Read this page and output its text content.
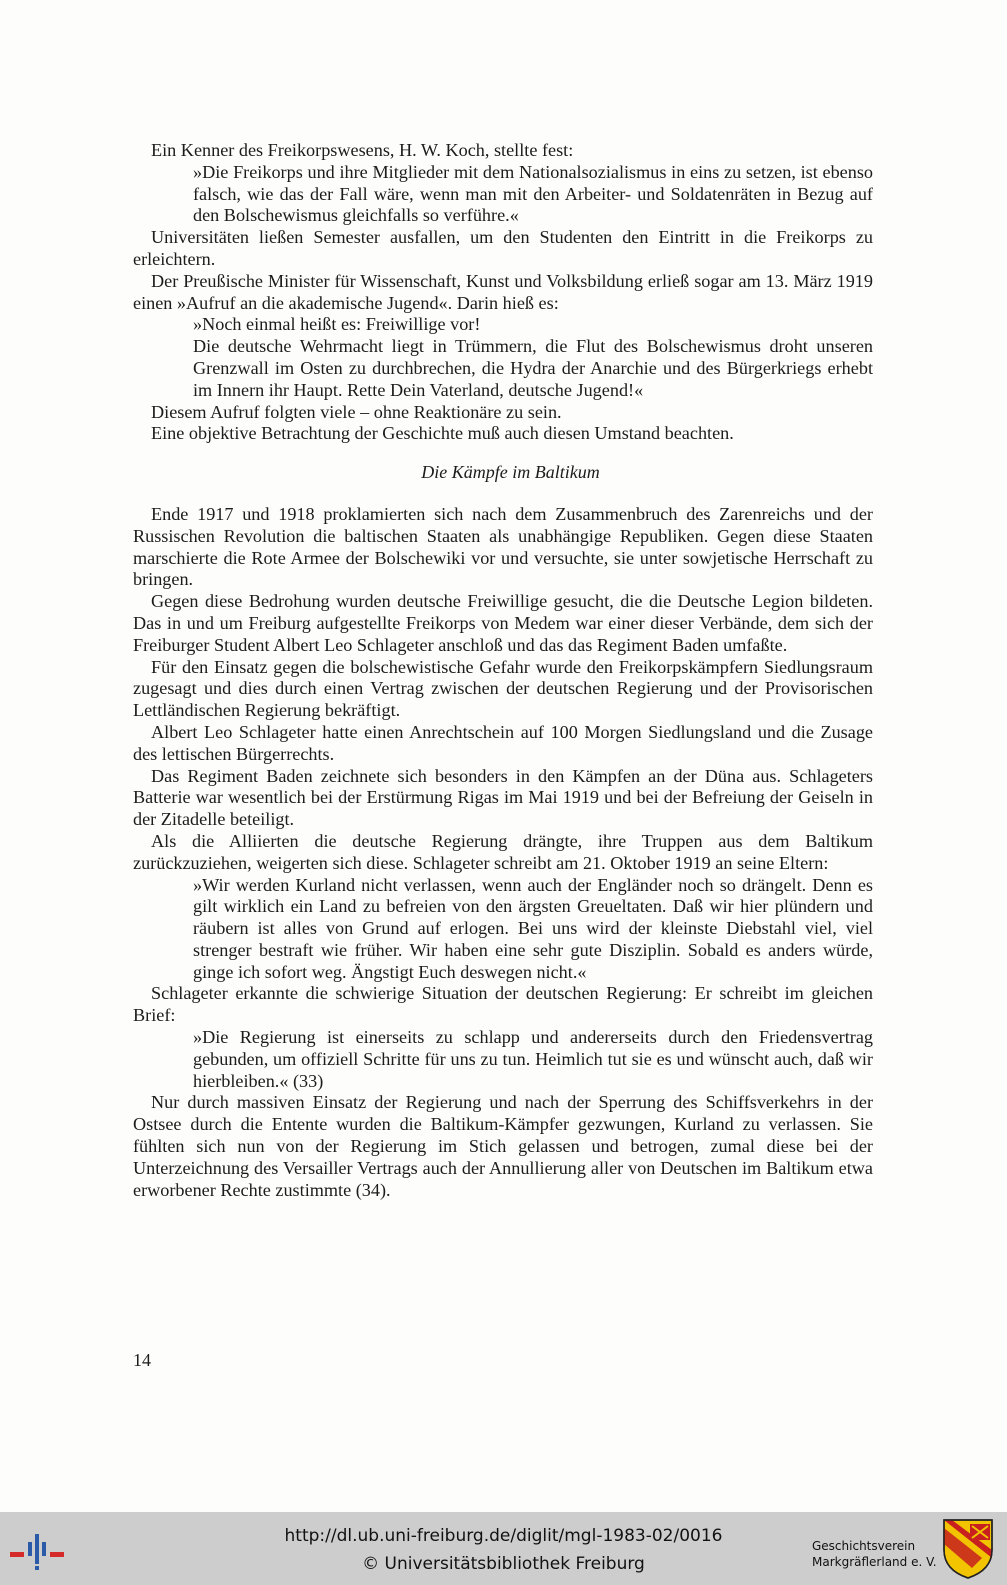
Ein Kenner des Freikorpswesens, H. W. Koch, stellte fest:

»Die Freikorps und ihre Mitglieder mit dem Nationalsozialismus in eins zu setzen, ist ebenso falsch, wie das der Fall wäre, wenn man mit den Arbeiter- und Soldatenräten in Bezug auf den Bolschewismus gleichfalls so verführe.«

Universitäten ließen Semester ausfallen, um den Studenten den Eintritt in die Freikorps zu erleichtern.

Der Preußische Minister für Wissenschaft, Kunst und Volksbildung erließ sogar am 13. März 1919 einen »Aufruf an die akademische Jugend«. Darin hieß es:

»Noch einmal heißt es: Freiwillige vor!

Die deutsche Wehrmacht liegt in Trümmern, die Flut des Bolschewismus droht unseren Grenzwall im Osten zu durchbrechen, die Hydra der Anarchie und des Bürgerkriegs erhebt im Innern ihr Haupt. Rette Dein Vaterland, deutsche Jugend!«

Diesem Aufruf folgten viele – ohne Reaktionäre zu sein.

Eine objektive Betrachtung der Geschichte muß auch diesen Umstand beachten.

Die Kämpfe im Baltikum

Ende 1917 und 1918 proklamierten sich nach dem Zusammenbruch des Zarenreichs und der Russischen Revolution die baltischen Staaten als unabhängige Republiken. Gegen diese Staaten marschierte die Rote Armee der Bolschewiki vor und versuchte, sie unter sowjetische Herrschaft zu bringen.

Gegen diese Bedrohung wurden deutsche Freiwillige gesucht, die die Deutsche Legion bildeten. Das in und um Freiburg aufgestellte Freikorps von Medem war einer dieser Verbände, dem sich der Freiburger Student Albert Leo Schlageter anschloß und das das Regiment Baden umfaßte.

Für den Einsatz gegen die bolschewistische Gefahr wurde den Freikorpskämpfern Siedlungsraum zugesagt und dies durch einen Vertrag zwischen der deutschen Regierung und der Provisorischen Lettländischen Regierung bekräftigt.

Albert Leo Schlageter hatte einen Anrechtschein auf 100 Morgen Siedlungsland und die Zusage des lettischen Bürgerrechts.

Das Regiment Baden zeichnete sich besonders in den Kämpfen an der Düna aus. Schlageters Batterie war wesentlich bei der Erstürmung Rigas im Mai 1919 und bei der Befreiung der Geiseln in der Zitadelle beteiligt.

Als die Alliierten die deutsche Regierung drängte, ihre Truppen aus dem Baltikum zurückzuziehen, weigerten sich diese. Schlageter schreibt am 21. Oktober 1919 an seine Eltern:

»Wir werden Kurland nicht verlassen, wenn auch der Engländer noch so drängelt. Denn es gilt wirklich ein Land zu befreien von den ärgsten Greueltaten. Daß wir hier plündern und räubern ist alles von Grund auf erlogen. Bei uns wird der kleinste Diebstahl viel, viel strenger bestraft wie früher. Wir haben eine sehr gute Disziplin. Sobald es anders würde, ginge ich sofort weg. Ängstigt Euch deswegen nicht.«

Schlageter erkannte die schwierige Situation der deutschen Regierung: Er schreibt im gleichen Brief:

»Die Regierung ist einerseits zu schlapp und andererseits durch den Friedensvertrag gebunden, um offiziell Schritte für uns zu tun. Heimlich tut sie es und wünscht auch, daß wir hierbleiben.« (33)

Nur durch massiven Einsatz der Regierung und nach der Sperrung des Schiffsverkehrs in der Ostsee durch die Entente wurden die Baltikum-Kämpfer gezwungen, Kurland zu verlassen. Sie fühlten sich nun von der Regierung im Stich gelassen und betrogen, zumal diese bei der Unterzeichnung des Versailler Vertrags auch der Annullierung aller von Deutschen im Baltikum etwa erworbener Rechte zustimmte (34).

14
http://dl.ub.uni-freiburg.de/diglit/mgl-1983-02/0016
© Universitätsbibliothek Freiburg
Geschichtsverein
Markgräflerland e. V.
